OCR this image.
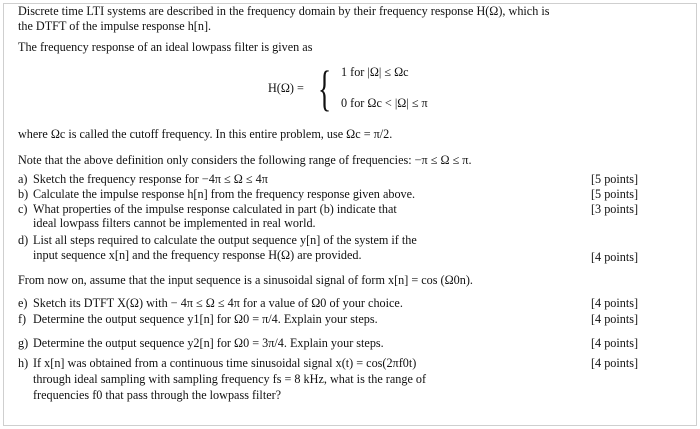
Discrete time LTI systems are described in the frequency domain by their frequency response H(Ω), which is
the DTFT of the impulse response h[n].
The frequency response of an ideal lowpass filter is given as
H(Ω) = { 1 for |Ω| ≤ Ωc
0 for Ωc < |Ω| ≤ π
where Ωc is called the cutoff frequency. In this entire problem, use Ωc = π/2.
Note that the above definition only considers the following range of frequencies: −π ≤ Ω ≤ π.
a) Sketch the frequency response for −4π ≤ Ω ≤ 4π	[5 points]
b) Calculate the impulse response h[n] from the frequency response given above.	[5 points]
c) What properties of the impulse response calculated in part (b) indicate that
ideal lowpass filters cannot be implemented in real world.
[3 points]
d) List all steps required to calculate the output sequence y[n] of the system if the
input sequence x[n] and the frequency response H(Ω) are provided.	[4 points]
From now on, assume that the input sequence is a sinusoidal signal of form x[n] = cos (Ω0n).
e) Sketch its DTFT X(Ω) with − 4π ≤ Ω ≤ 4π for a value of Ω0 of your choice.	[4 points]
f) Determine the output sequence y1[n] for Ω0 = π/4. Explain your steps.	[4 points]
g) Determine the output sequence y2[n] for Ω0 = 3π/4. Explain your steps.	[4 points]
h) If x[n] was obtained from a continuous time sinusoidal signal x(t) = cos(2πf0t)
through ideal sampling with sampling frequency fs = 8 kHz, what is the range of
frequencies f0 that pass through the lowpass filter?
[4 points]
